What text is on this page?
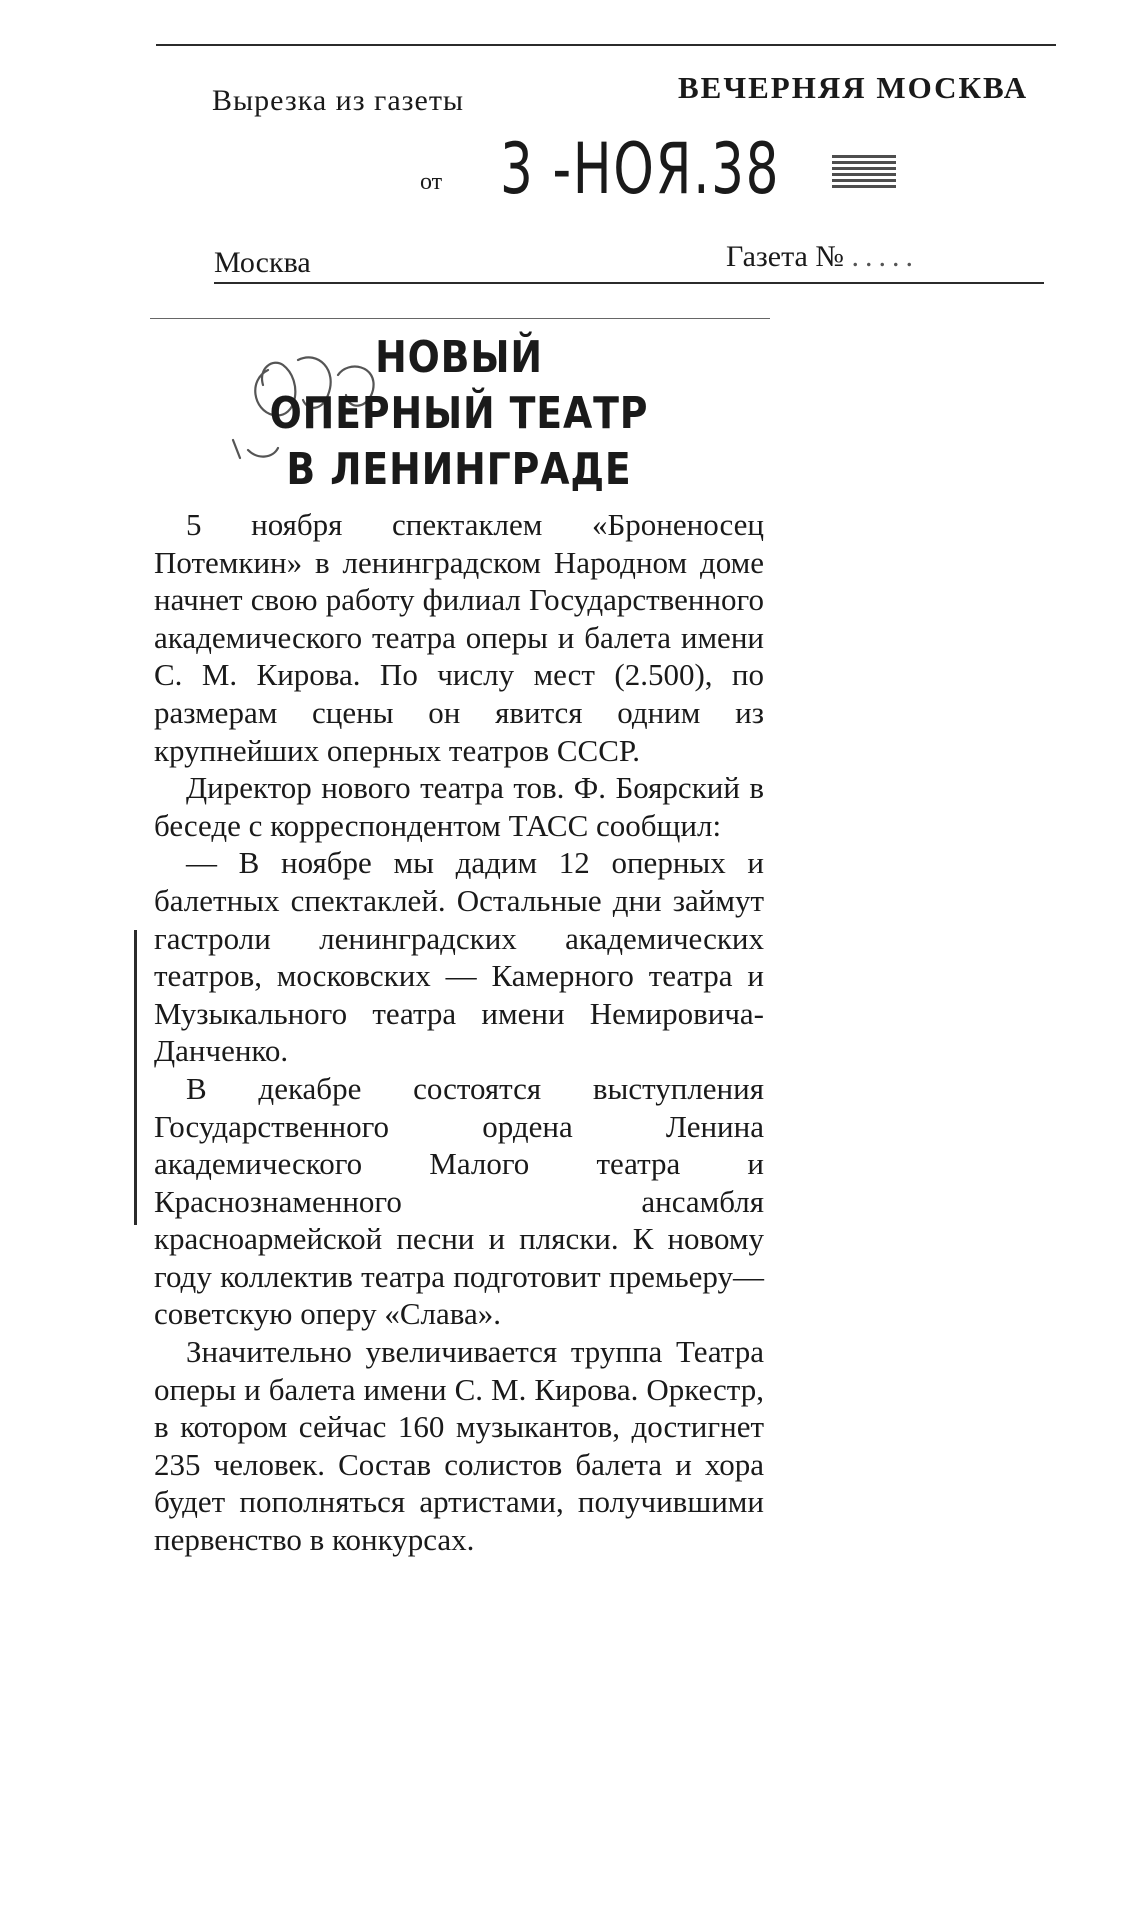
Вырезка из газеты	ВЕЧЕРНЯЯ МОСКВА
от 3 -НОЯ.38
Москва	Газета № .....
НОВЫЙ
ОПЕРНЫЙ ТЕАТР
В ЛЕНИНГРАДЕ

5 ноября спектаклем «Броненосец Потемкин» в ленинградском Народном доме начнет свою работу филиал Государственного академического театра оперы и балета имени С. М. Кирова. По числу мест (2.500), по размерам сцены он явится одним из крупнейших оперных театров СССР.

Директор нового театра тов. Ф. Боярский в беседе с корреспондентом ТАСС сообщил:

— В ноябре мы дадим 12 оперных и балетных спектаклей. Остальные дни займут гастроли ленинградских академических театров, московских — Камерного театра и Музыкального театра имени Немировича-Данченко.

В декабре состоятся выступления Государственного ордена Ленина академического Малого театра и Краснознаменного ансамбля красноармейской песни и пляски. К новому году коллектив театра подготовит премьеру—советскую оперу «Слава».

Значительно увеличивается труппа Театра оперы и балета имени С. М. Кирова. Оркестр, в котором сейчас 160 музыкантов, достигнет 235 человек. Состав солистов балета и хора будет пополняться артистами, получившими первенство в конкурсах.
